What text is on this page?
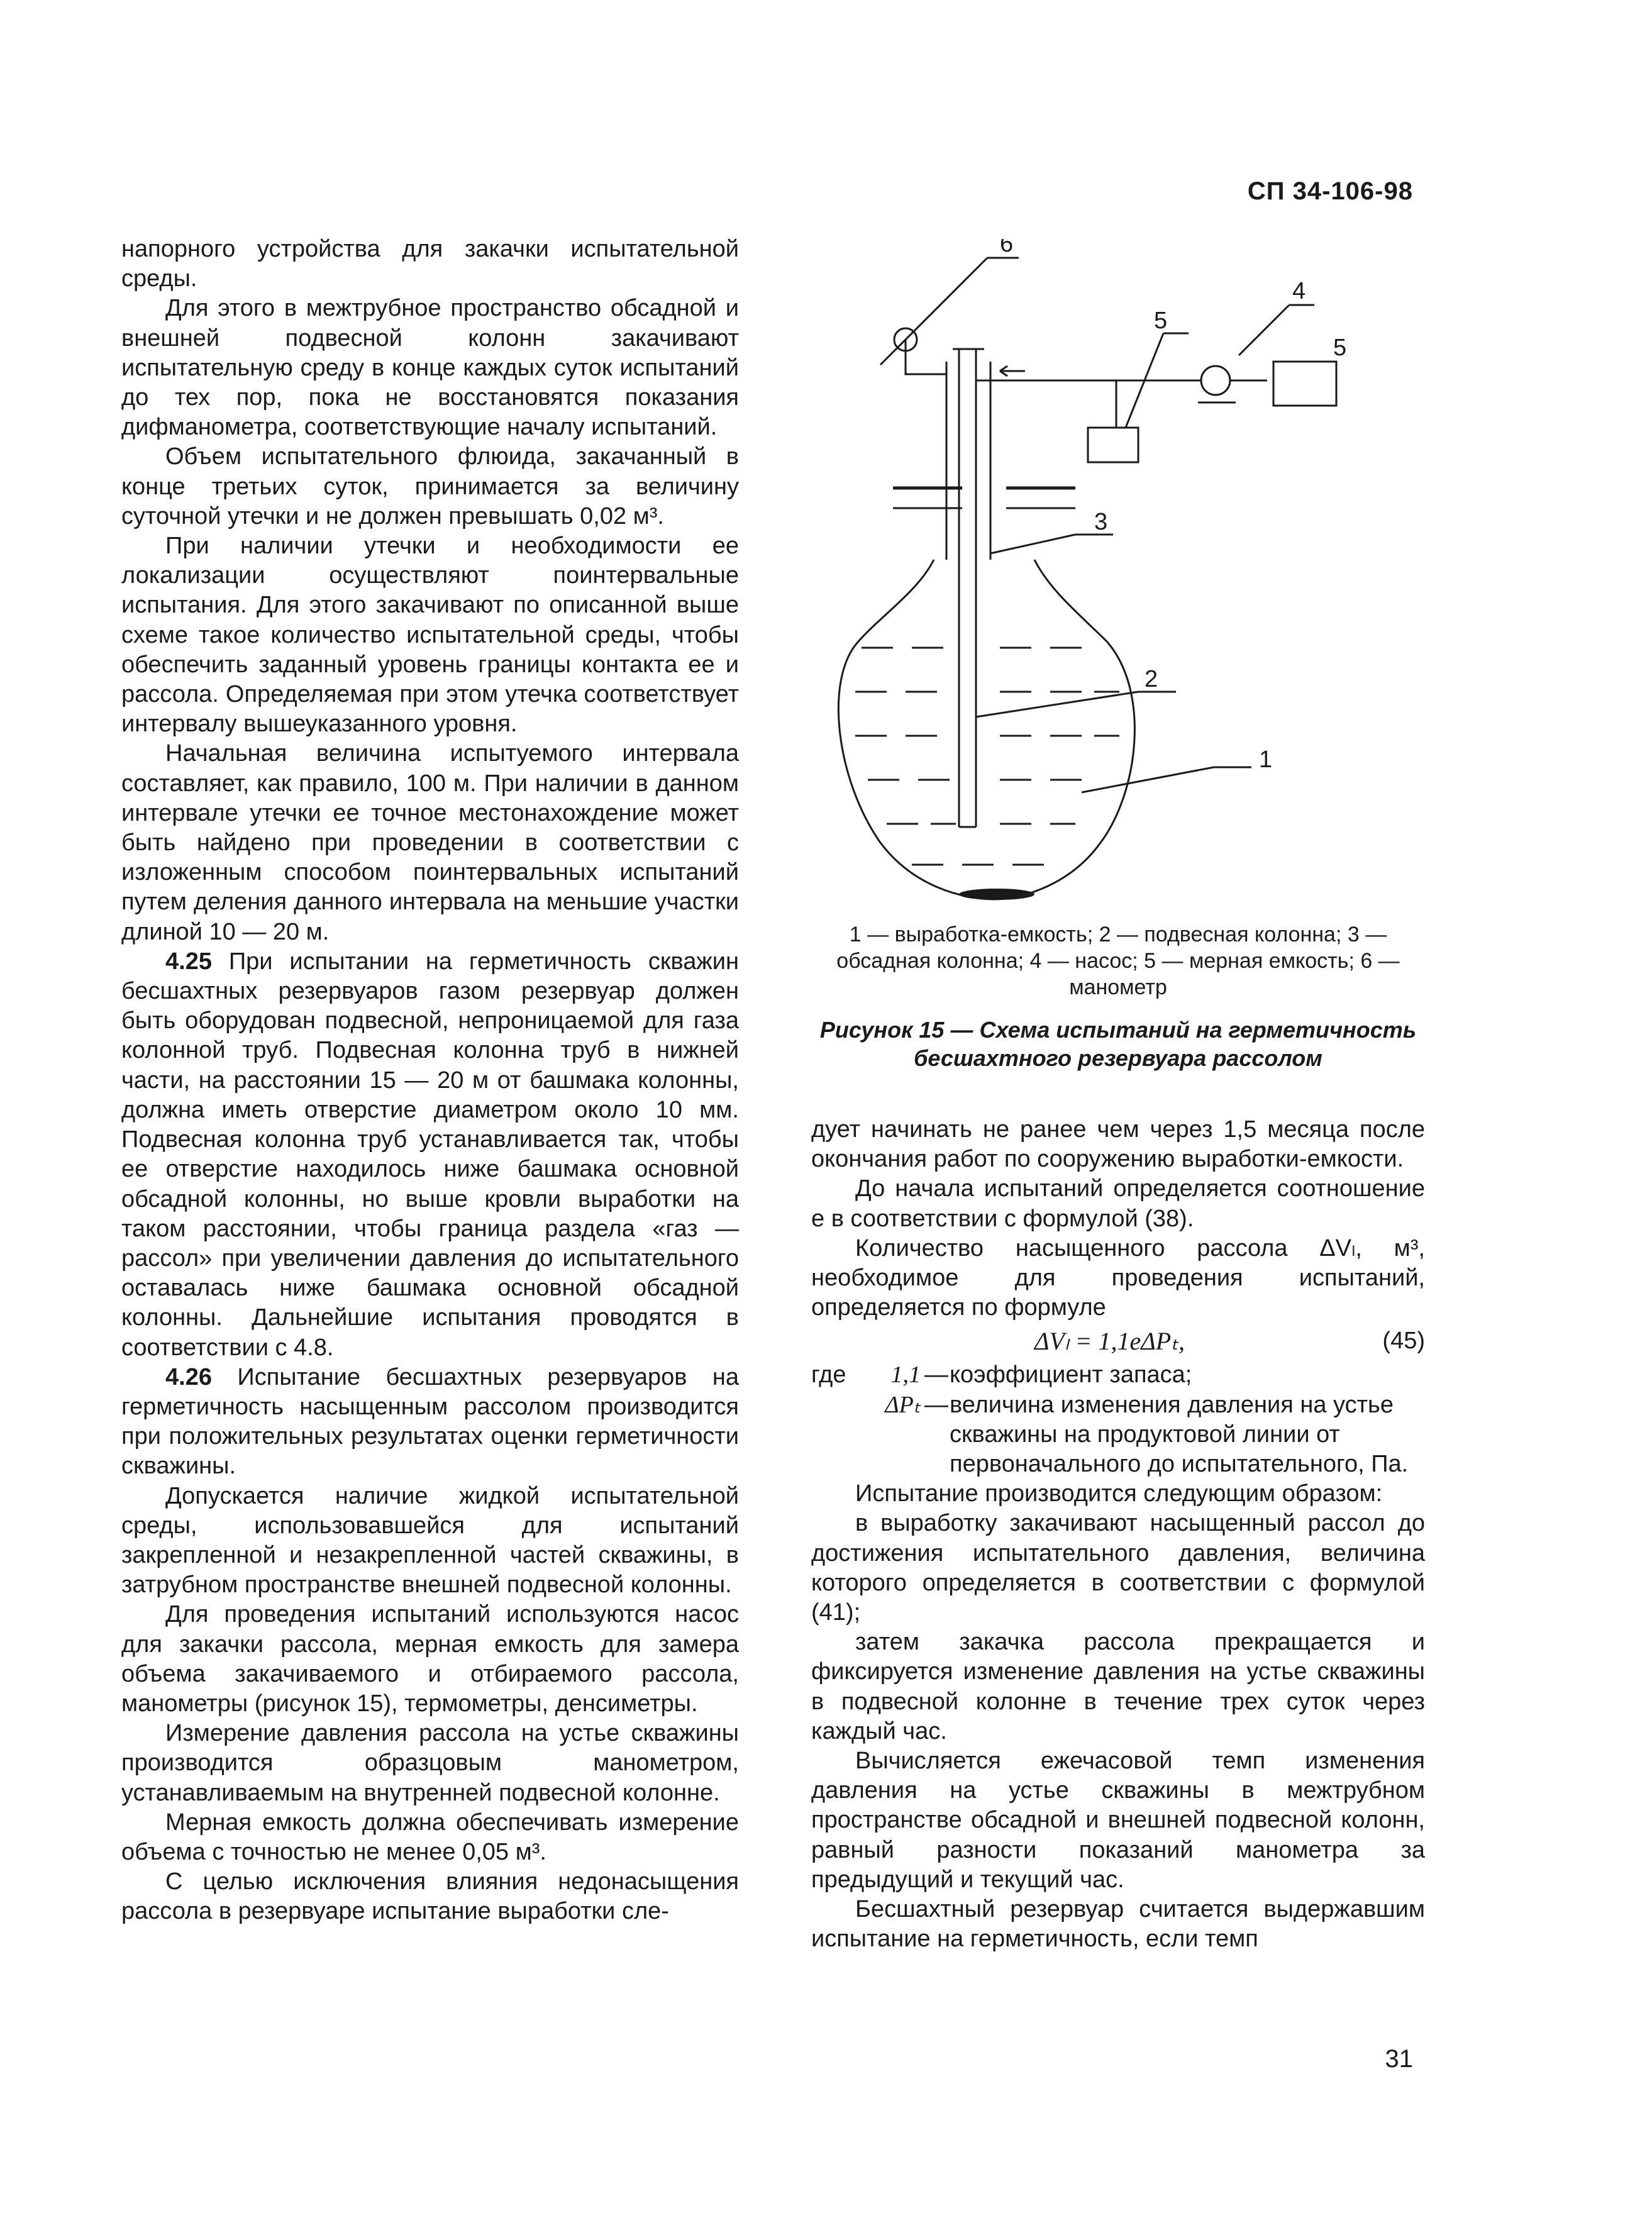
СП 34-106-98

напорного устройства для закачки испытательной среды.

Для этого в межтрубное пространство обсадной и внешней подвесной колонн закачивают испытательную среду в конце каждых суток испытаний до тех пор, пока не восстановятся показания дифманометра, соответствующие началу испытаний.

Объем испытательного флюида, закачанный в конце третьих суток, принимается за величину суточной утечки и не должен превышать 0,02 м³.

При наличии утечки и необходимости ее локализации осуществляют поинтервальные испытания. Для этого закачивают по описанной выше схеме такое количество испытательной среды, чтобы обеспечить заданный уровень границы контакта ее и рассола. Определяемая при этом утечка соответствует интервалу вышеуказанного уровня.

Начальная величина испытуемого интервала составляет, как правило, 100 м. При наличии в данном интервале утечки ее точное местонахождение может быть найдено при проведении в соответствии с изложенным способом поинтервальных испытаний путем деления данного интервала на меньшие участки длиной 10 — 20 м.

4.25 При испытании на герметичность скважин бесшахтных резервуаров газом резервуар должен быть оборудован подвесной, непроницаемой для газа колонной труб. Подвесная колонна труб в нижней части, на расстоянии 15 — 20 м от башмака колонны, должна иметь отверстие диаметром около 10 мм. Подвесная колонна труб устанавливается так, чтобы ее отверстие находилось ниже башмака основной обсадной колонны, но выше кровли выработки на таком расстоянии, чтобы граница раздела «газ — рассол» при увеличении давления до испытательного оставалась ниже башмака основной обсадной колонны. Дальнейшие испытания проводятся в соответствии с 4.8.

4.26 Испытание бесшахтных резервуаров на герметичность насыщенным рассолом производится при положительных результатах оценки герметичности скважины.

Допускается наличие жидкой испытательной среды, использовавшейся для испытаний закрепленной и незакрепленной частей скважины, в затрубном пространстве внешней подвесной колонны.

Для проведения испытаний используются насос для закачки рассола, мерная емкость для замера объема закачиваемого и отбираемого рассола, манометры (рисунок 15), термометры, денсиметры.

Измерение давления рассола на устье скважины производится образцовым манометром, устанавливаемым на внутренней подвесной колонне.

Мерная емкость должна обеспечивать измерение объема с точностью не менее 0,05 м³.

С целью исключения влияния недонасыщения рассола в резервуаре испытание выработки сле-

1
2
3
4
5
5
6
1 — выработка-емкость; 2 — подвесная колонна; 3 — обсадная колонна; 4 — насос; 5 — мерная емкость; 6 — манометр
Рисунок 15 — Схема испытаний на герметичность бесшахтного резервуара рассолом

дует начинать не ранее чем через 1,5 месяца после окончания работ по сооружению выработки-емкости.

До начала испытаний определяется соотношение e в соответствии с формулой (38).

Количество насыщенного рассола ΔVₗ, м³, необходимое для проведения испытаний, определяется по формуле

ΔVₗ = 1,1eΔPₜ,	(45)
где	1,1 — коэффициент запаса;
ΔPₜ — величина изменения давления на устье скважины на продуктовой линии от первоначального до испытательного, Па.

Испытание производится следующим образом:

в выработку закачивают насыщенный рассол до достижения испытательного давления, величина которого определяется в соответствии с формулой (41);

затем закачка рассола прекращается и фиксируется изменение давления на устье скважины в подвесной колонне в течение трех суток через каждый час.

Вычисляется ежечасовой темп изменения давления на устье скважины в межтрубном пространстве обсадной и внешней подвесной колонн, равный разности показаний манометра за предыдущий и текущий час.

Бесшахтный резервуар считается выдержавшим испытание на герметичность, если темп

31
